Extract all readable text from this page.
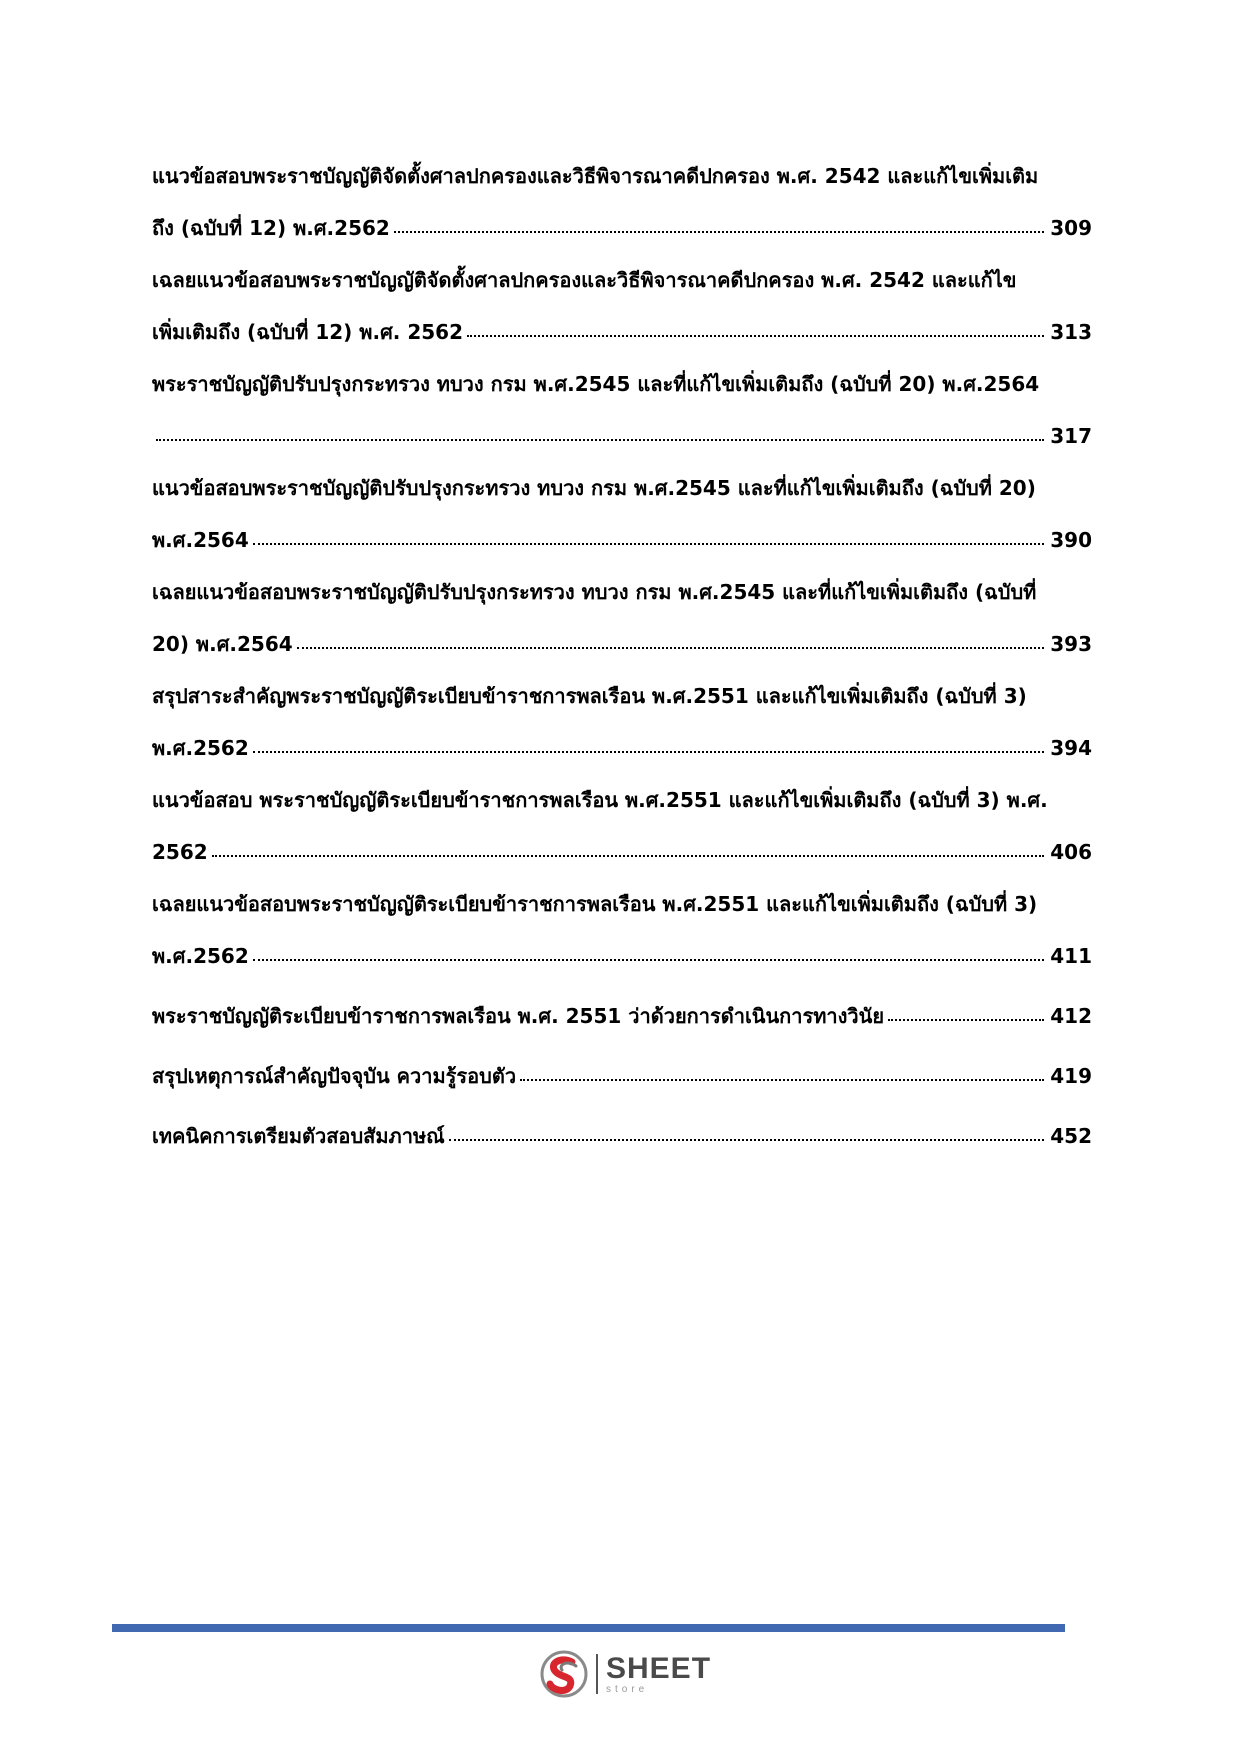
แนวข้อสอบพระราชบัญญัติจัดตั้งศาลปกครองและวิธีพิจารณาคดีปกครอง พ.ศ. 2542 และแก้ไขเพิ่มเติม
ถึง (ฉบับที่ 12) พ.ศ.2562	309
เฉลยแนวข้อสอบพระราชบัญญัติจัดตั้งศาลปกครองและวิธีพิจารณาคดีปกครอง พ.ศ. 2542 และแก้ไข
เพิ่มเติมถึง (ฉบับที่ 12) พ.ศ. 2562	313
พระราชบัญญัติปรับปรุงกระทรวง ทบวง กรม พ.ศ.2545 และที่แก้ไขเพิ่มเติมถึง (ฉบับที่ 20) พ.ศ.2564
317
แนวข้อสอบพระราชบัญญัติปรับปรุงกระทรวง ทบวง กรม พ.ศ.2545 และที่แก้ไขเพิ่มเติมถึง (ฉบับที่ 20)
พ.ศ.2564	390
เฉลยแนวข้อสอบพระราชบัญญัติปรับปรุงกระทรวง ทบวง กรม พ.ศ.2545 และที่แก้ไขเพิ่มเติมถึง (ฉบับที่
20) พ.ศ.2564	393
สรุปสาระสำคัญพระราชบัญญัติระเบียบข้าราชการพลเรือน พ.ศ.2551 และแก้ไขเพิ่มเติมถึง (ฉบับที่ 3)
พ.ศ.2562	394
แนวข้อสอบ พระราชบัญญัติระเบียบข้าราชการพลเรือน พ.ศ.2551 และแก้ไขเพิ่มเติมถึง (ฉบับที่ 3) พ.ศ.
2562	406
เฉลยแนวข้อสอบพระราชบัญญัติระเบียบข้าราชการพลเรือน พ.ศ.2551 และแก้ไขเพิ่มเติมถึง (ฉบับที่ 3)
พ.ศ.2562	411
พระราชบัญญัติระเบียบข้าราชการพลเรือน พ.ศ. 2551 ว่าด้วยการดำเนินการทางวินัย	412
สรุปเหตุการณ์สำคัญปัจจุบัน ความรู้รอบตัว	419
เทคนิคการเตรียมตัวสอบสัมภาษณ์	452
SHEET
store
